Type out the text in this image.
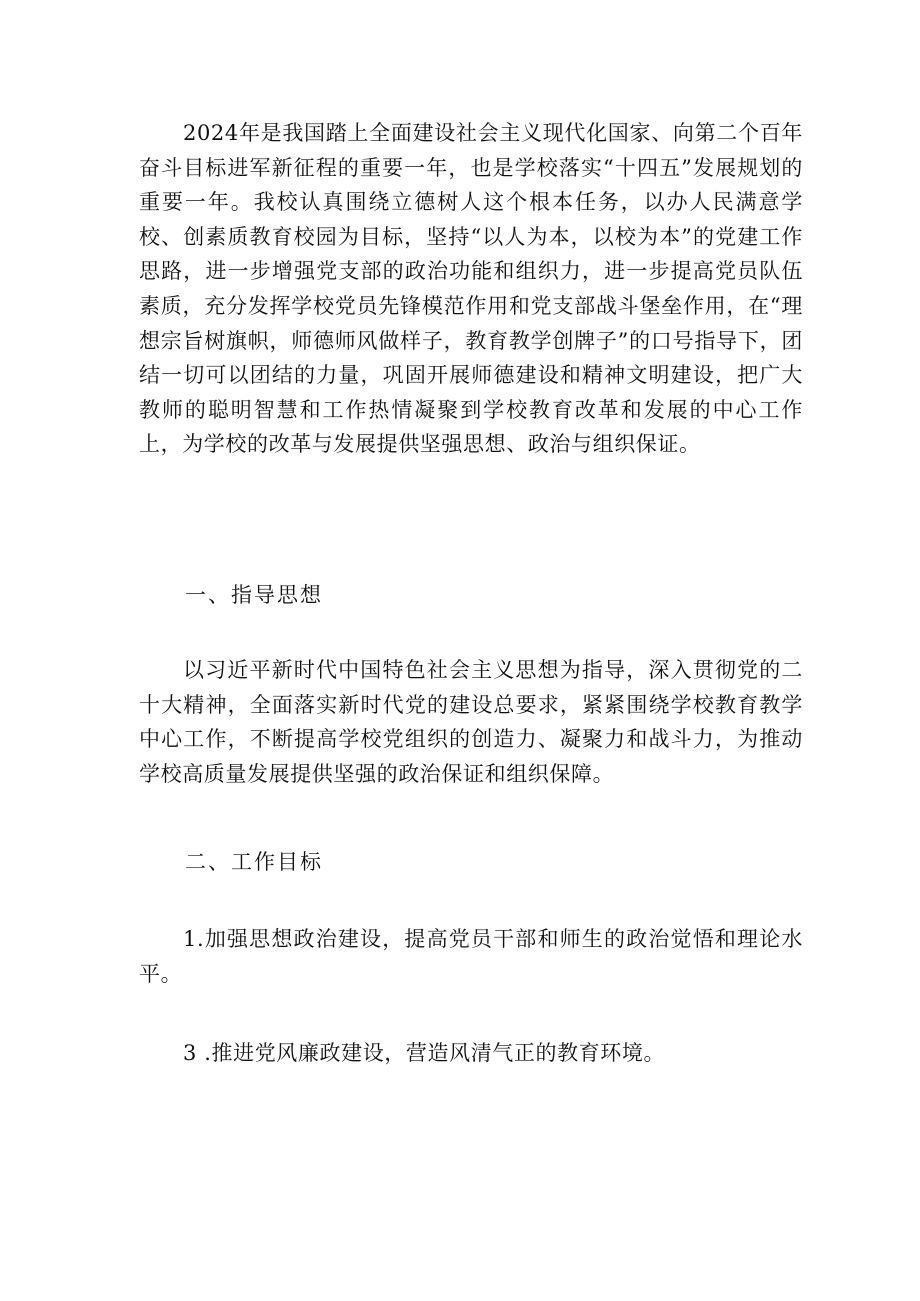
2024年是我国踏上全面建设社会主义现代化国家、向第二个百年奋斗目标进军新征程的重要一年，也是学校落实“十四五”发展规划的重要一年。我校认真围绕立德树人这个根本任务，以办人民满意学校、创素质教育校园为目标，坚持“以人为本，以校为本”的党建工作思路，进一步增强党支部的政治功能和组织力，进一步提高党员队伍素质，充分发挥学校党员先锋模范作用和党支部战斗堡垒作用，在“理想宗旨树旗帜，师德师风做样子，教育教学创牌子”的口号指导下，团结一切可以团结的力量，巩固开展师德建设和精神文明建设，把广大教师的聪明智慧和工作热情凝聚到学校教育改革和发展的中心工作上，为学校的改革与发展提供坚强思想、政治与组织保证。

一、指导思想

以习近平新时代中国特色社会主义思想为指导，深入贯彻党的二十大精神，全面落实新时代党的建设总要求，紧紧围绕学校教育教学中心工作，不断提高学校党组织的创造力、凝聚力和战斗力，为推动学校高质量发展提供坚强的政治保证和组织保障。

二、工作目标

1.加强思想政治建设，提高党员干部和师生的政治觉悟和理论水平。

3 .推进党风廉政建设，营造风清气正的教育环境。
